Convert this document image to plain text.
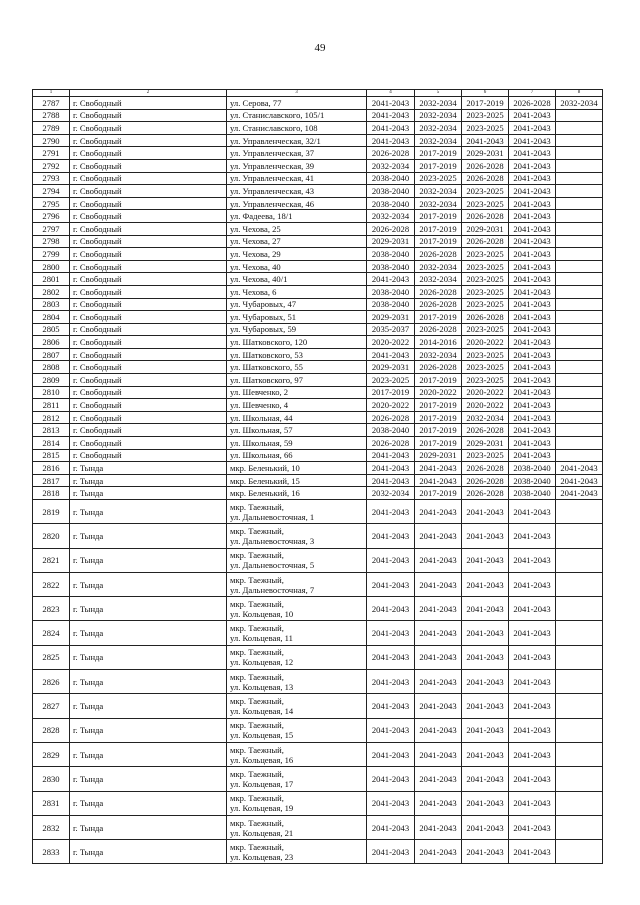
49
1	2	3	4	5	6	7	8
2787	г. Свободный	ул. Серова, 77	2041-2043	2032-2034	2017-2019	2026-2028	2032-2034
2788	г. Свободный	ул. Станиславского, 105/1	2041-2043	2032-2034	2023-2025	2041-2043	
2789	г. Свободный	ул. Станиславского, 108	2041-2043	2032-2034	2023-2025	2041-2043	
2790	г. Свободный	ул. Управленческая, 32/1	2041-2043	2032-2034	2041-2043	2041-2043	
2791	г. Свободный	ул. Управленческая, 37	2026-2028	2017-2019	2029-2031	2041-2043	
2792	г. Свободный	ул. Управленческая, 39	2032-2034	2017-2019	2026-2028	2041-2043	
2793	г. Свободный	ул. Управленческая, 41	2038-2040	2023-2025	2026-2028	2041-2043	
2794	г. Свободный	ул. Управленческая, 43	2038-2040	2032-2034	2023-2025	2041-2043	
2795	г. Свободный	ул. Управленческая, 46	2038-2040	2032-2034	2023-2025	2041-2043	
2796	г. Свободный	ул. Фадеева, 18/1	2032-2034	2017-2019	2026-2028	2041-2043	
2797	г. Свободный	ул. Чехова, 25	2026-2028	2017-2019	2029-2031	2041-2043	
2798	г. Свободный	ул. Чехова, 27	2029-2031	2017-2019	2026-2028	2041-2043	
2799	г. Свободный	ул. Чехова, 29	2038-2040	2026-2028	2023-2025	2041-2043	
2800	г. Свободный	ул. Чехова, 40	2038-2040	2032-2034	2023-2025	2041-2043	
2801	г. Свободный	ул. Чехова, 40/1	2041-2043	2032-2034	2023-2025	2041-2043	
2802	г. Свободный	ул. Чехова, 6	2038-2040	2026-2028	2023-2025	2041-2043	
2803	г. Свободный	ул. Чубаровых, 47	2038-2040	2026-2028	2023-2025	2041-2043	
2804	г. Свободный	ул. Чубаровых, 51	2029-2031	2017-2019	2026-2028	2041-2043	
2805	г. Свободный	ул. Чубаровых, 59	2035-2037	2026-2028	2023-2025	2041-2043	
2806	г. Свободный	ул. Шатковского, 120	2020-2022	2014-2016	2020-2022	2041-2043	
2807	г. Свободный	ул. Шатковского, 53	2041-2043	2032-2034	2023-2025	2041-2043	
2808	г. Свободный	ул. Шатковского, 55	2029-2031	2026-2028	2023-2025	2041-2043	
2809	г. Свободный	ул. Шатковского, 97	2023-2025	2017-2019	2023-2025	2041-2043	
2810	г. Свободный	ул. Шевченко, 2	2017-2019	2020-2022	2020-2022	2041-2043	
2811	г. Свободный	ул. Шевченко, 4	2020-2022	2017-2019	2020-2022	2041-2043	
2812	г. Свободный	ул. Школьная, 44	2026-2028	2017-2019	2032-2034	2041-2043	
2813	г. Свободный	ул. Школьная, 57	2038-2040	2017-2019	2026-2028	2041-2043	
2814	г. Свободный	ул. Школьная, 59	2026-2028	2017-2019	2029-2031	2041-2043	
2815	г. Свободный	ул. Школьная, 66	2041-2043	2029-2031	2023-2025	2041-2043	
2816	г. Тында	мкр. Беленький, 10	2041-2043	2041-2043	2026-2028	2038-2040	2041-2043
2817	г. Тында	мкр. Беленький, 15	2041-2043	2041-2043	2026-2028	2038-2040	2041-2043
2818	г. Тында	мкр. Беленький, 16	2032-2034	2017-2019	2026-2028	2038-2040	2041-2043
2819	г. Тында	мкр. Таежный,
ул. Дальневосточная, 1	2041-2043	2041-2043	2041-2043	2041-2043	
2820	г. Тында	мкр. Таежный,
ул. Дальневосточная, 3	2041-2043	2041-2043	2041-2043	2041-2043	
2821	г. Тында	мкр. Таежный,
ул. Дальневосточная, 5	2041-2043	2041-2043	2041-2043	2041-2043	
2822	г. Тында	мкр. Таежный,
ул. Дальневосточная, 7	2041-2043	2041-2043	2041-2043	2041-2043	
2823	г. Тында	мкр. Таежный,
ул. Кольцевая, 10	2041-2043	2041-2043	2041-2043	2041-2043	
2824	г. Тында	мкр. Таежный,
ул. Кольцевая, 11	2041-2043	2041-2043	2041-2043	2041-2043	
2825	г. Тында	мкр. Таежный,
ул. Кольцевая, 12	2041-2043	2041-2043	2041-2043	2041-2043	
2826	г. Тында	мкр. Таежный,
ул. Кольцевая, 13	2041-2043	2041-2043	2041-2043	2041-2043	
2827	г. Тында	мкр. Таежный,
ул. Кольцевая, 14	2041-2043	2041-2043	2041-2043	2041-2043	
2828	г. Тында	мкр. Таежный,
ул. Кольцевая, 15	2041-2043	2041-2043	2041-2043	2041-2043	
2829	г. Тында	мкр. Таежный,
ул. Кольцевая, 16	2041-2043	2041-2043	2041-2043	2041-2043	
2830	г. Тында	мкр. Таежный,
ул. Кольцевая, 17	2041-2043	2041-2043	2041-2043	2041-2043	
2831	г. Тында	мкр. Таежный,
ул. Кольцевая, 19	2041-2043	2041-2043	2041-2043	2041-2043	
2832	г. Тында	мкр. Таежный,
ул. Кольцевая, 21	2041-2043	2041-2043	2041-2043	2041-2043	
2833	г. Тында	мкр. Таежный,
ул. Кольцевая, 23	2041-2043	2041-2043	2041-2043	2041-2043	
